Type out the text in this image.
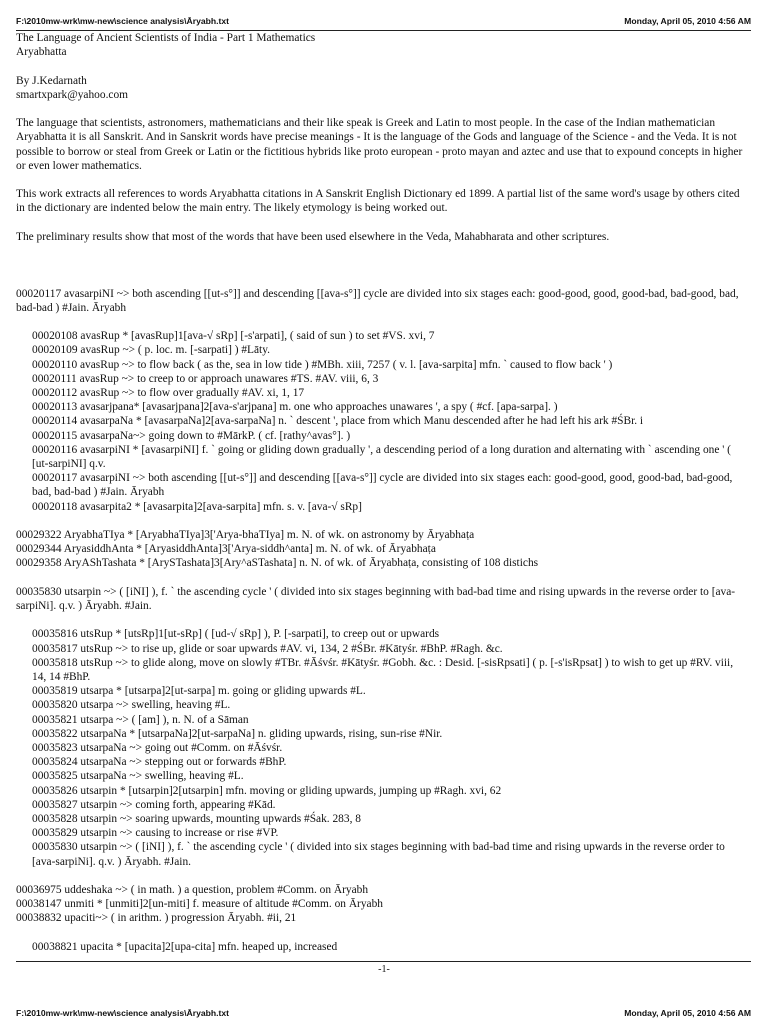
F:\2010mw-wrk\mw-new\science analysis\Āryabh.txt	Monday, April 05, 2010 4:56 AM

The Language of Ancient Scientists of India - Part 1 Mathematics

Aryabhatta

By J.Kedarnath

smartxpark@yahoo.com

The language that scientists, astronomers, mathematicians and their like speak is Greek and Latin to most people. In the case of the Indian mathematician Aryabhatta it is all Sanskrit. And in Sanskrit words have precise meanings - It is the language of the Gods and language of the Science - and the Veda. It is not possible to borrow or steal from Greek or Latin or the fictitious hybrids like proto european - proto mayan and aztec and use that to expound concepts in higher or even lower mathematics.

This work extracts all references to words Aryabhatta citations in A Sanskrit English Dictionary ed 1899. A partial list of the same word's usage by others cited in the dictionary are indented below the main entry. The likely etymology is being worked out.

The preliminary results show that most of the words that have been used elsewhere in the Veda, Mahabharata and other scriptures.

00020117 avasarpiNI ~> both ascending [[ut-s°]] and descending [[ava-s°]] cycle are divided into six stages each: good-good, good, good-bad, bad-good, bad, bad-bad ) #Jain. Āryabh

00020108 avasRup * [avasRup]1[ava-√ sRp] [-s'arpati], ( said of sun ) to set #VS. xvi, 7

00020109 avasRup ~> ( p. loc. m. [-sarpati] ) #Lāty.

00020110 avasRup ~> to flow back ( as the, sea in low tide ) #MBh. xiii, 7257 ( v. l. [ava-sarpita] mfn. ` caused to flow back ' )

00020111 avasRup ~> to creep to or approach unawares #TS. #AV. viii, 6, 3

00020112 avasRup ~> to flow over gradually #AV. xi, 1, 17

00020113 avasarjpana* [avasarjpana]2[ava-s'arjpana] m. one who approaches unawares ', a spy ( #cf. [apa-sarpa]. )

00020114 avasarpaNa * [avasarpaNa]2[ava-sarpaNa] n. ` descent ', place from which Manu descended after he had left his ark #ŚBr. i

00020115 avasarpaNa~> going down to #MārkP. ( cf. [rathy^avas°]. )

00020116 avasarpiNI * [avasarpiNI] f. ` going or gliding down gradually ', a descending period of a long duration and alternating with ` ascending one ' ( [ut-sarpiNI] q.v.

00020117 avasarpiNI ~> both ascending [[ut-s°]] and descending [[ava-s°]] cycle are divided into six stages each: good-good, good, good-bad, bad-good, bad, bad-bad ) #Jain. Āryabh

00020118 avasarpita2 * [avasarpita]2[ava-sarpita] mfn. s. v. [ava-√ sRp]

00029322 AryabhaTIya * [AryabhaTIya]3['Arya-bhaTIya] m. N. of wk. on astronomy by Āryabhaṭa

00029344 AryasiddhAnta * [AryasiddhAnta]3['Arya-siddh^anta] m. N. of wk. of Āryabhaṭa

00029358 AryAShTashata * [ArySTashata]3[Ary^aSTashata] n. N. of wk. of Āryabhaṭa, consisting of 108 distichs

00035830 utsarpin ~> ( [iNI] ), f. ` the ascending cycle ' ( divided into six stages beginning with bad-bad time and rising upwards in the reverse order to [ava-sarpiNi]. q.v. ) Āryabh. #Jain.

00035816 utsRup * [utsRp]1[ut-sRp] ( [ud-√ sRp] ), P. [-sarpati], to creep out or upwards

00035817 utsRup ~> to rise up, glide or soar upwards #AV. vi, 134, 2 #ŚBr. #Kātyśr. #BhP. #Ragh. &c.

00035818 utsRup ~> to glide along, move on slowly #TBr. #Āśvśr. #Kātyśr. #Gobh. &c. : Desid. [-sisRpsati] ( p. [-s'isRpsat] ) to wish to get up #RV. viii, 14, 14 #BhP.

00035819 utsarpa * [utsarpa]2[ut-sarpa] m. going or gliding upwards #L.

00035820 utsarpa ~> swelling, heaving #L.

00035821 utsarpa ~> ( [am] ), n. N. of a Sāman

00035822 utsarpaNa * [utsarpaNa]2[ut-sarpaNa] n. gliding upwards, rising, sun-rise #Nir.

00035823 utsarpaNa ~> going out #Comm. on #Āśvśr.

00035824 utsarpaNa ~> stepping out or forwards #BhP.

00035825 utsarpaNa ~> swelling, heaving #L.

00035826 utsarpin * [utsarpin]2[utsarpin] mfn. moving or gliding upwards, jumping up #Ragh. xvi, 62

00035827 utsarpin ~> coming forth, appearing #Kād.

00035828 utsarpin ~> soaring upwards, mounting upwards #Śak. 283, 8

00035829 utsarpin ~> causing to increase or rise #VP.

00035830 utsarpin ~> ( [iNI] ), f. ` the ascending cycle ' ( divided into six stages beginning with bad-bad time and rising upwards in the reverse order to [ava-sarpiNi]. q.v. ) Āryabh. #Jain.

00036975 uddeshaka ~> ( in math. ) a question, problem #Comm. on Āryabh

00038147 unmiti * [unmiti]2[un-miti] f. measure of altitude #Comm. on Āryabh

00038832 upaciti~> ( in arithm. ) progression Āryabh. #ii, 21

00038821 upacita * [upacita]2[upa-cita] mfn. heaped up, increased

-1-
F:\2010mw-wrk\mw-new\science analysis\Āryabh.txt	Monday, April 05, 2010 4:56 AM
